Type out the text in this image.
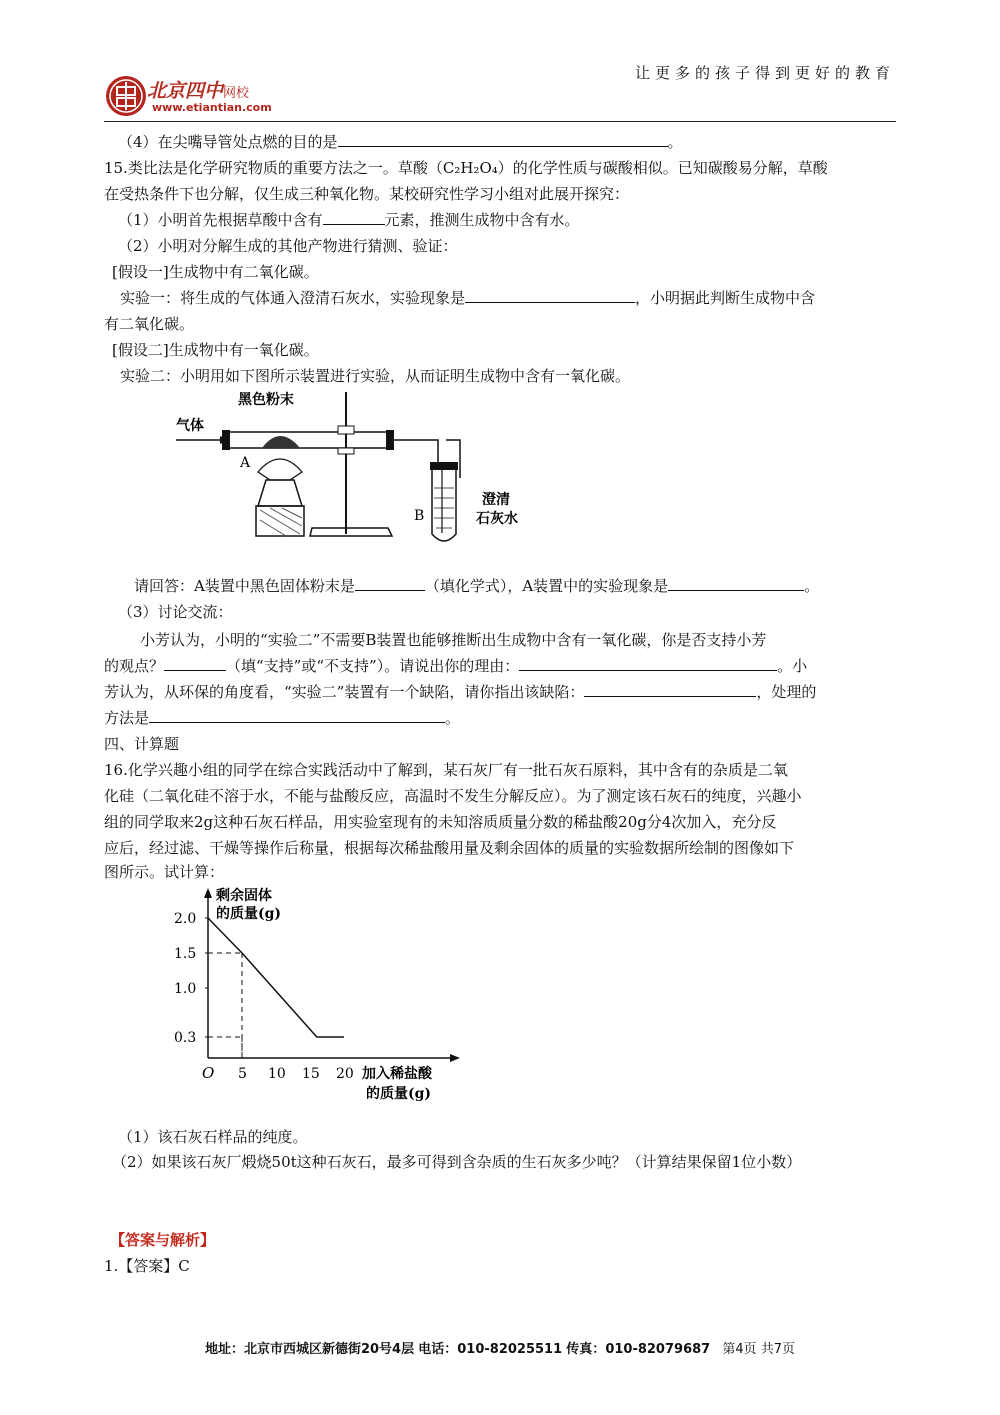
让更多的孩子得到更好的教育
北京四中网校
www.etiantian.com
（4）在尖嘴导管处点燃的目的是	。
15.类比法是化学研究物质的重要方法之一。草酸（C₂H₂O₄）的化学性质与碳酸相似。已知碳酸易分解，草酸
在受热条件下也分解，仅生成三种氧化物。某校研究性学习小组对此展开探究：
（1）小明首先根据草酸中含有	元素，推测生成物中含有水。
（2）小明对分解生成的其他产物进行猜测、验证：
[假设一]生成物中有二氧化碳。
实验一：将生成的气体通入澄清石灰水，实验现象是	，小明据此判断生成物中含
有二氧化碳。
[假设二]生成物中有一氧化碳。
实验二：小明用如下图所示装置进行实验，从而证明生成物中含有一氧化碳。
黑色粉末
气体
澄清
石灰水
B
A
请回答：A装置中黑色固体粉末是	（填化学式），A装置中的实验现象是	。
（3）讨论交流：
小芳认为，小明的“实验二”不需要B装置也能够推断出生成物中含有一氧化碳，你是否支持小芳
的观点？	（填“支持”或“不支持”）。请说出你的理由：	。小
芳认为，从环保的角度看，“实验二”装置有一个缺陷，请你指出该缺陷：	，处理的
方法是	。
四、计算题
16.化学兴趣小组的同学在综合实践活动中了解到，某石灰厂有一批石灰石原料，其中含有的杂质是二氧
化硅（二氧化硅不溶于水，不能与盐酸反应，高温时不发生分解反应）。为了测定该石灰石的纯度，兴趣小
组的同学取来2g这种石灰石样品，用实验室现有的未知溶质质量分数的稀盐酸20g分4次加入，充分反
应后，经过滤、干燥等操作后称量，根据每次稀盐酸用量及剩余固体的质量的实验数据所绘制的图像如下
图所示。试计算：
剩余固体
的质量(g)
加入稀盐酸
的质量(g)
O
2.0
1.5
1.0
0.3
5 10 15 20
（1）该石灰石样品的纯度。
（2）如果该石灰厂煅烧50t这种石灰石，最多可得到含杂质的生石灰多少吨？（计算结果保留1位小数）
【答案与解析】
1.【答案】C
地址：北京市西城区新德街20号4层 电话：010-82025511 传真：010-82079687 第4页 共7页
